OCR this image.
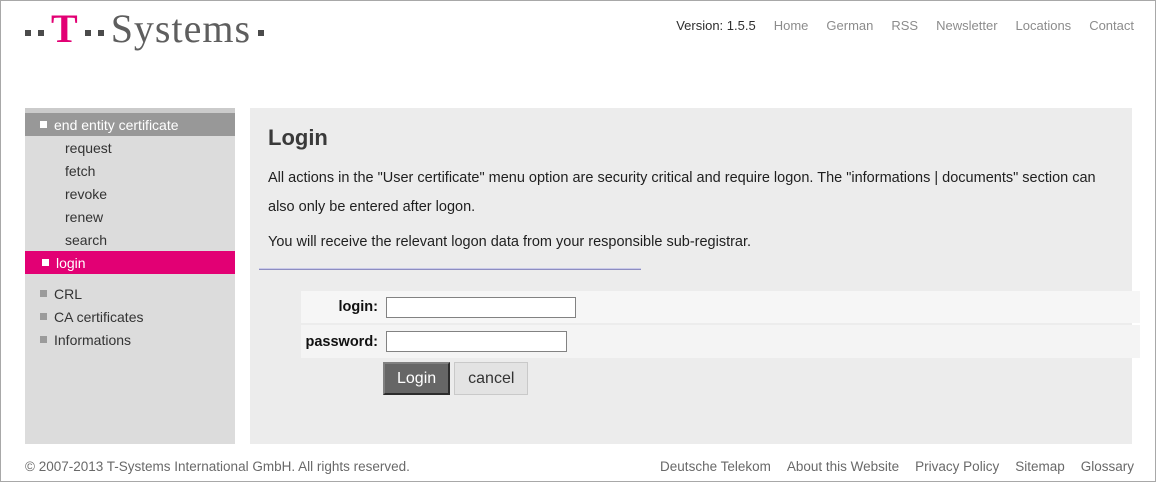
T Systems	Version: 1.5.5 Home German RSS Newsletter Locations Contact
end entity certificate
request
fetch
revoke
renew
search
login
CRL
CA certificates
Informations
Login

All actions in the "User certificate" menu option are security critical and require logon. The "informations | documents" section can also only be entered after logon.

You will receive the relevant logon data from your responsible sub-registrar.

login:
password:
Login	cancel
© 2007-2013 T-Systems International GmbH. All rights reserved.	Deutsche Telekom About this Website Privacy Policy Sitemap Glossary
